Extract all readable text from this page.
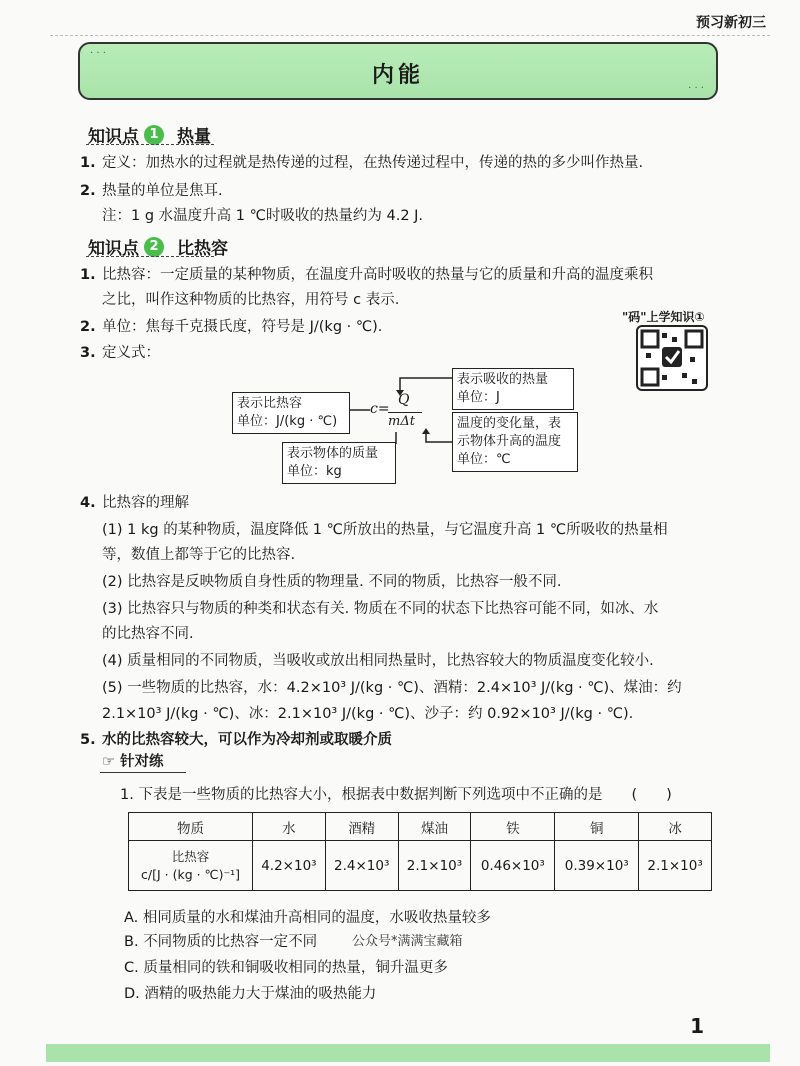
预习新初三
· · ·
内能
· · ·
知识点 1	热量
1. 定义：加热水的过程就是热传递的过程，在热传递过程中，传递的热的多少叫作热量.
2. 热量的单位是焦耳.
注：1 g 水温度升高 1 ℃时吸收的热量约为 4.2 J.
知识点 2	比热容
1. 比热容：一定质量的某种物质，在温度升高时吸收的热量与它的质量和升高的温度乘积
之比，叫作这种物质的比热容，用符号 c 表示.
2. 单位：焦每千克摄氏度，符号是 J/(kg · ℃).
3. 定义式：
"码"上学知识①
表示比热容
单位：J/(kg · ℃)
表示吸收的热量
单位：J
温度的变化量，表
示物体升高的温度
单位：℃
表示物体的质量
单位：kg
c=
Q
mΔt
4. 比热容的理解
(1) 1 kg 的某种物质，温度降低 1 ℃所放出的热量，与它温度升高 1 ℃所吸收的热量相
等，数值上都等于它的比热容.
(2) 比热容是反映物质自身性质的物理量. 不同的物质，比热容一般不同.
(3) 比热容只与物质的种类和状态有关. 物质在不同的状态下比热容可能不同，如冰、水
的比热容不同.
(4) 质量相同的不同物质，当吸收或放出相同热量时，比热容较大的物质温度变化较小.
(5) 一些物质的比热容，水：4.2×10³ J/(kg · ℃)、酒精：2.4×10³ J/(kg · ℃)、煤油：约
2.1×10³ J/(kg · ℃)、冰：2.1×10³ J/(kg · ℃)、沙子：约 0.92×10³ J/(kg · ℃).
5. 水的比热容较大，可以作为冷却剂或取暖介质
☞ 针对练
1. 下表是一些物质的比热容大小，根据表中数据判断下列选项中不正确的是　　(　　)
物质	水	酒精	煤油	铁	铜	冰

比热容
c/[J · (kg · ℃)⁻¹]	4.2×10³	2.4×10³	2.1×10³	0.46×10³	0.39×10³	2.1×10³
A. 相同质量的水和煤油升高相同的温度，水吸收热量较多
B. 不同物质的比热容一定不同	公众号*满满宝藏箱
C. 质量相同的铁和铜吸收相同的热量，铜升温更多
D. 酒精的吸热能力大于煤油的吸热能力
1
